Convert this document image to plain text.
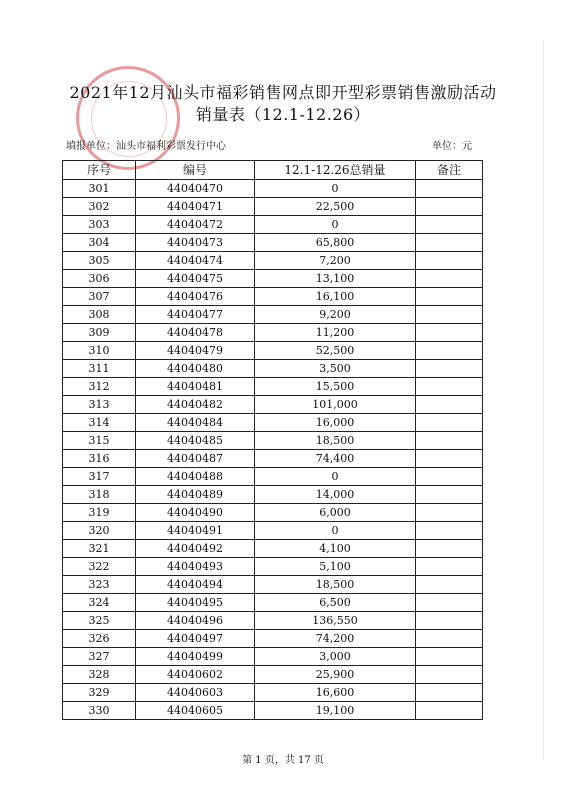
2021年12月汕头市福彩销售网点即开型彩票销售激励活动
销量表（12.1-12.26）
填报单位：汕头市福利彩票发行中心	单位：元
序号	编号	12.1-12.26总销量	备注
301	44040470	0	
302	44040471	22,500	
303	44040472	0	
304	44040473	65,800	
305	44040474	7,200	
306	44040475	13,100	
307	44040476	16,100	
308	44040477	9,200	
309	44040478	11,200	
310	44040479	52,500	
311	44040480	3,500	
312	44040481	15,500	
313	44040482	101,000	
314	44040484	16,000	
315	44040485	18,500	
316	44040487	74,400	
317	44040488	0	
318	44040489	14,000	
319	44040490	6,000	
320	44040491	0	
321	44040492	4,100	
322	44040493	5,100	
323	44040494	18,500	
324	44040495	6,500	
325	44040496	136,550	
326	44040497	74,200	
327	44040499	3,000	
328	44040602	25,900	
329	44040603	16,600	
330	44040605	19,100	
第 1 页，共 17 页
